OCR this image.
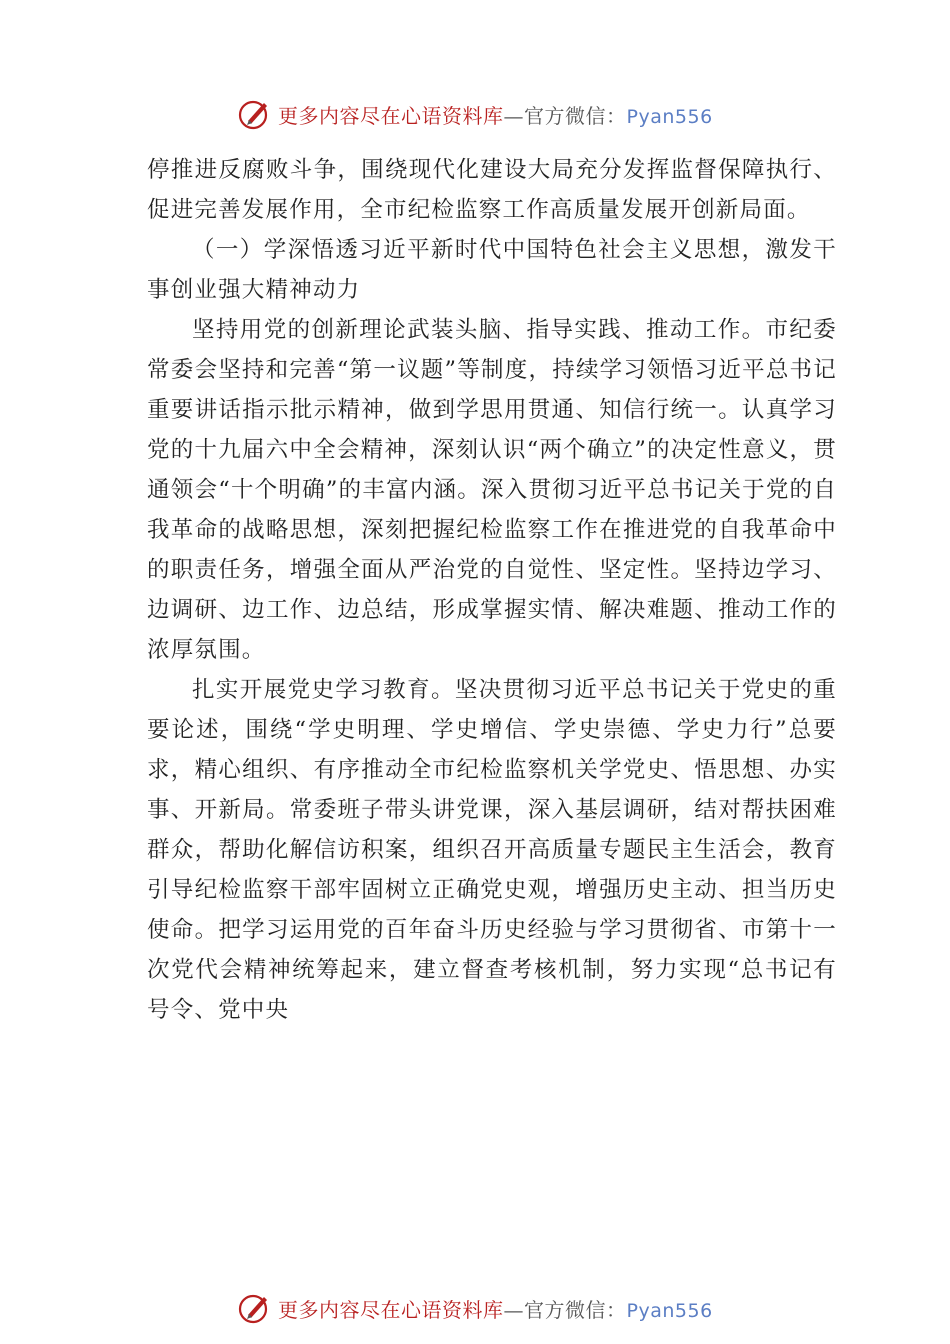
更多内容尽在心语资料库—官方微信：Pyan556

停推进反腐败斗争，围绕现代化建设大局充分发挥监督保障执行、促进完善发展作用，全市纪检监察工作高质量发展开创新局面。

（一）学深悟透习近平新时代中国特色社会主义思想，激发干事创业强大精神动力

坚持用党的创新理论武装头脑、指导实践、推动工作。市纪委常委会坚持和完善“第一议题”等制度，持续学习领悟习近平总书记重要讲话指示批示精神，做到学思用贯通、知信行统一。认真学习党的十九届六中全会精神，深刻认识“两个确立”的决定性意义，贯通领会“十个明确”的丰富内涵。深入贯彻习近平总书记关于党的自我革命的战略思想，深刻把握纪检监察工作在推进党的自我革命中的职责任务，增强全面从严治党的自觉性、坚定性。坚持边学习、边调研、边工作、边总结，形成掌握实情、解决难题、推动工作的浓厚氛围。

扎实开展党史学习教育。坚决贯彻习近平总书记关于党史的重要论述，围绕“学史明理、学史增信、学史崇德、学史力行”总要求，精心组织、有序推动全市纪检监察机关学党史、悟思想、办实事、开新局。常委班子带头讲党课，深入基层调研，结对帮扶困难群众，帮助化解信访积案，组织召开高质量专题民主生活会，教育引导纪检监察干部牢固树立正确党史观，增强历史主动、担当历史使命。把学习运用党的百年奋斗历史经验与学习贯彻省、市第十一次党代会精神统筹起来，建立督查考核机制，努力实现“总书记有号令、党中央

更多内容尽在心语资料库—官方微信：Pyan556
